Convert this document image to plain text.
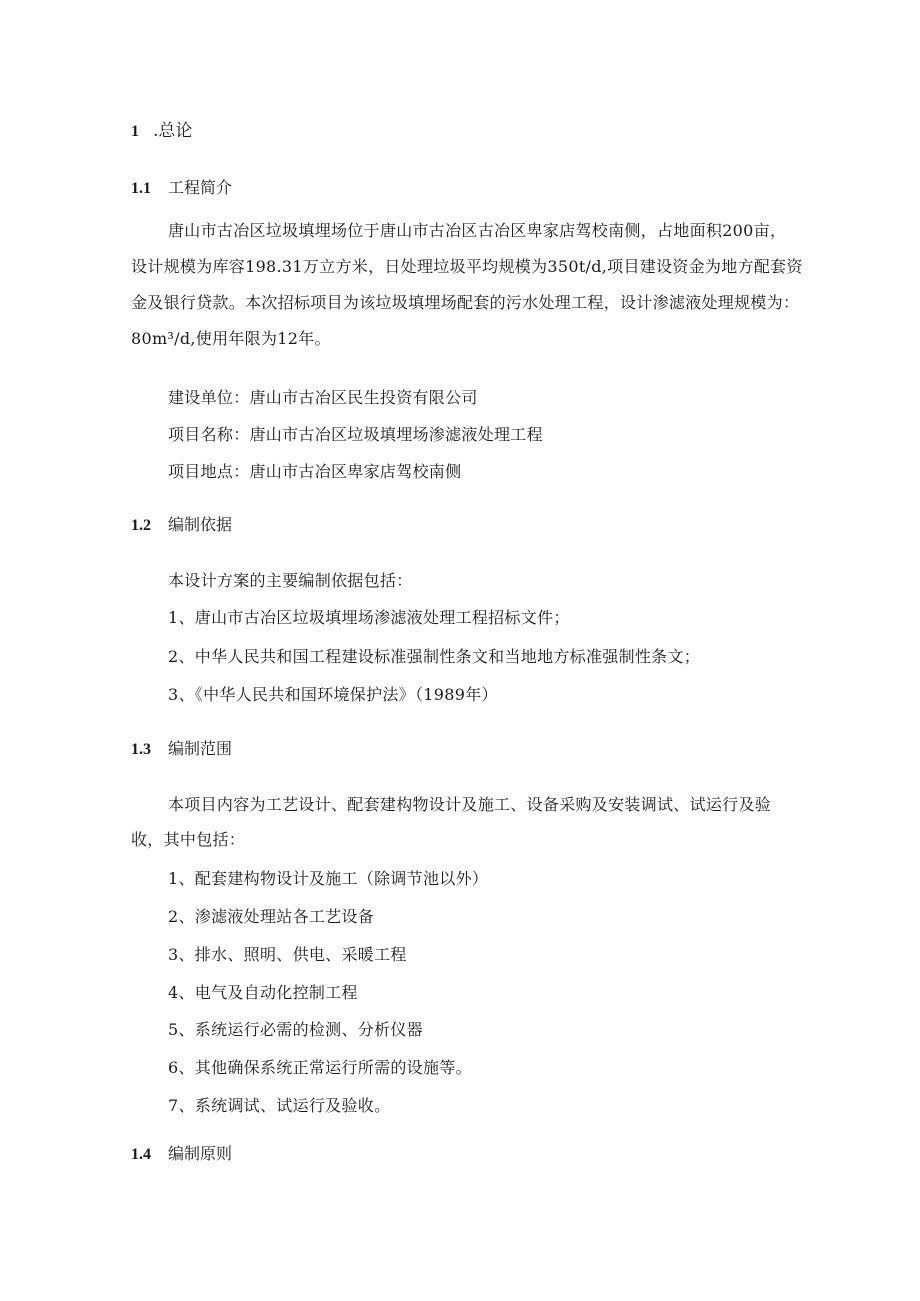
1 .总论
1.1	工程简介
唐山市古冶区垃圾填埋场位于唐山市古冶区古冶区卑家店驾校南侧，占地面积200亩，
设计规模为库容198.31万立方米，日处理垃圾平均规模为350t/d,项目建设资金为地方配套资
金及银行贷款。本次招标项目为该垃圾填埋场配套的污水处理工程，设计渗滤液处理规模为：
80m³/d,使用年限为12年。
建设单位：唐山市古冶区民生投资有限公司
项目名称：唐山市古冶区垃圾填埋场渗滤液处理工程
项目地点：唐山市古冶区卑家店驾校南侧
1.2	编制依据
本设计方案的主要编制依据包括：
1、唐山市古冶区垃圾填埋场渗滤液处理工程招标文件；
2、中华人民共和国工程建设标准强制性条文和当地地方标准强制性条文；
3、《中华人民共和国环境保护法》（1989年）
1.3	编制范围
本项目内容为工艺设计、配套建构物设计及施工、设备采购及安装调试、试运行及验
收，其中包括：
1、配套建构物设计及施工（除调节池以外）
2、渗滤液处理站各工艺设备
3、排水、照明、供电、采暖工程
4、电气及自动化控制工程
5、系统运行必需的检测、分析仪器
6、其他确保系统正常运行所需的设施等。
7、系统调试、试运行及验收。
1.4	编制原则
